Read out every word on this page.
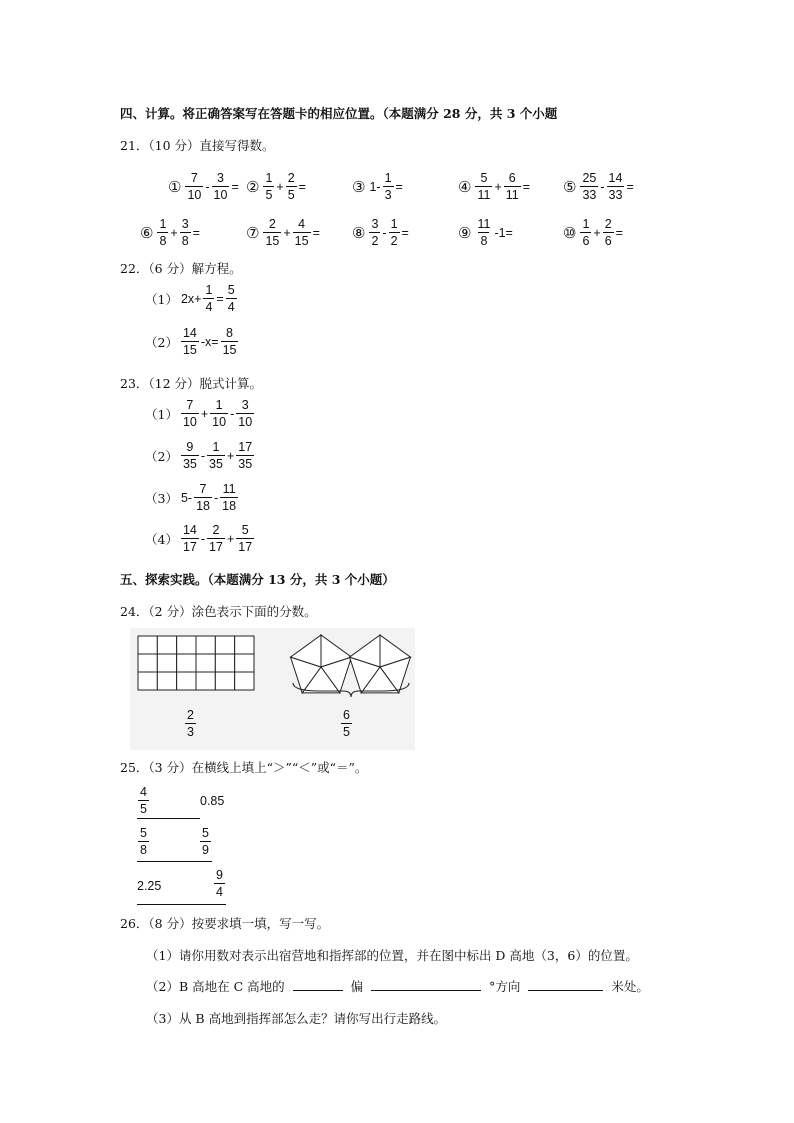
四、计算。将正确答案写在答题卡的相应位置。（本题满分 28 分，共 3 个小题
21．（10 分）直接写得数。
① $\frac{7}{10} - \frac{3}{10}$ = ② $\frac{1}{5} + \frac{2}{5}$ =	③ $1- \frac{1}{3}$ =	④ $\frac{5}{11} + \frac{6}{11}$ = ⑤ $\frac{25}{33} - \frac{14}{33}$ =
⑥ $\frac{1}{8} + \frac{3}{8}$ =	⑦ $\frac{2}{15} + \frac{4}{15}$ = ⑧ $\frac{3}{2} - \frac{1}{2}$ =	⑨ $\frac{11}{8} -1=$	⑩ $\frac{1}{6} + \frac{2}{6}$ =
22．（6 分）解方程。
（1） $2x+ \frac{1}{4} = \frac{5}{4}$
$(2) \frac{14}{15} -x= \frac{8}{15}$
23．（12 分）脱式计算。
$(1) \frac{7}{10} + \frac{1}{10} - \frac{3}{10}$
$(2) \frac{9}{35} - \frac{1}{35} + \frac{17}{35}$
（3） $5- \frac{7}{18} - \frac{11}{18}$
$(4) \frac{14}{17} - \frac{2}{17} + \frac{5}{17}$
五、探索实践。（本题满分 13 分，共 3 个小题）
24．（2 分）涂色表示下面的分数。
$\frac{2}{3}$	$\frac{6}{5}$
25．（3 分）在横线上填上“＞”“＜”或“＝”。
$\frac{4}{5}$	0.85
$\frac{5}{8}$	$\frac{5}{9}$
2.25	$\frac{9}{4}$
26．（8 分）按要求填一填，写一写。
（1）请你用数对表示出宿营地和指挥部的位置，并在图中标出 D 高地（3，6）的位置。
（2）B 高地在 C 高地的	偏	°方向	米处。
（3）从 B 高地到指挥部怎么走？请你写出行走路线。
